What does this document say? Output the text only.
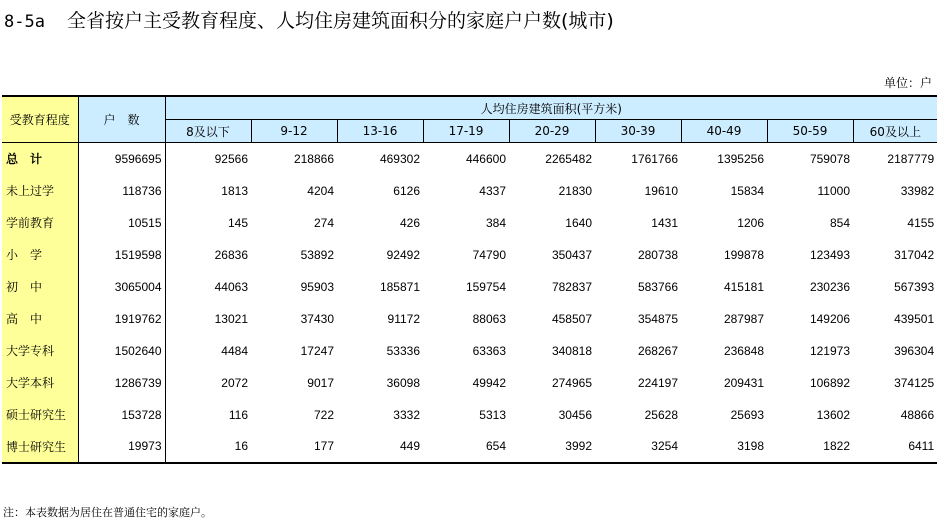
8-5a 全省按户主受教育程度、人均住房建筑面积分的家庭户户数(城市)
单位：户
受教育程度	户　数	人均住房建筑面积(平方米)								
		8及以下	9-12	13-16	17-19	20-29	30-39	40-49	50-59	60及以上
总　计	9596695	92566	218866	469302	446600	2265482	1761766	1395256	759078	2187779
未上过学	118736	1813	4204	6126	4337	21830	19610	15834	11000	33982
学前教育	10515	145	274	426	384	1640	1431	1206	854	4155
小　学	1519598	26836	53892	92492	74790	350437	280738	199878	123493	317042
初　中	3065004	44063	95903	185871	159754	782837	583766	415181	230236	567393
高　中	1919762	13021	37430	91172	88063	458507	354875	287987	149206	439501
大学专科	1502640	4484	17247	53336	63363	340818	268267	236848	121973	396304
大学本科	1286739	2072	9017	36098	49942	274965	224197	209431	106892	374125
硕士研究生	153728	116	722	3332	5313	30456	25628	25693	13602	48866
博士研究生	19973	16	177	449	654	3992	3254	3198	1822	6411
注：本表数据为居住在普通住宅的家庭户。
